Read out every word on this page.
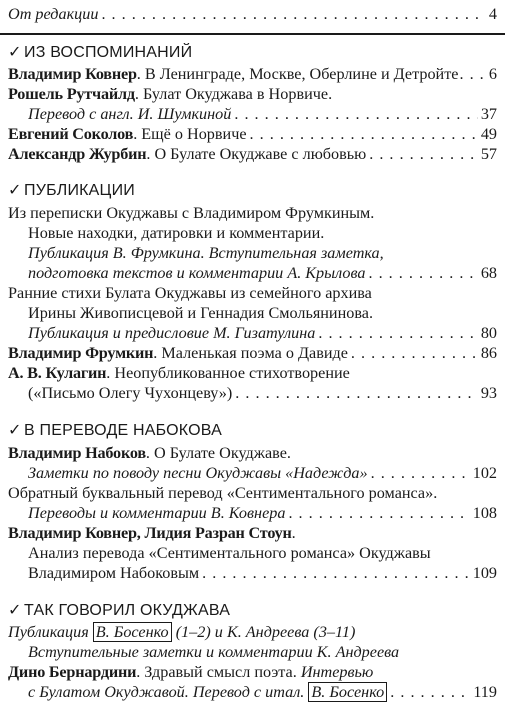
От редакции . . .	4
✓ ИЗ ВОСПОМИНАНИЙ
Владимир Ковнер. В Ленинграде, Москве, Оберлине и Детройте . . . 6
Рошель Рутчайлд. Булат Окуджава в Норвиче.
Перевод с англ. И. Шумкиной . . .	37
Евгений Соколов. Ещё о Норвиче . . .	49
Александр Журбин. О Булате Окуджаве с любовью . . .	57
✓ ПУБЛИКАЦИИ
Из переписки Окуджавы с Владимиром Фрумкиным.
Новые находки, датировки и комментарии.
Публикация В. Фрумкина. Вступительная заметка,
подготовка текстов и комментарии А. Крылова . . .	68
Ранние стихи Булата Окуджавы из семейного архива
Ирины Живописцевой и Геннадия Смольянинова.
Публикация и предисловие М. Гизатулина . . .	80
Владимир Фрумкин. Маленькая поэма о Давиде . . .	86
А. В. Кулагин. Неопубликованное стихотворение
(«Письмо Олегу Чухонцеву») . . .	93
✓ В ПЕРЕВОДЕ НАБОКОВА
Владимир Набоков. О Булате Окуджаве.
Заметки по поводу песни Окуджавы «Надежда» . . .	102
Обратный буквальный перевод «Сентиментального романса».
Переводы и комментарии В. Ковнера . . .	108
Владимир Ковнер, Лидия Разран Стоун.
Анализ перевода «Сентиментального романса» Окуджавы
Владимиром Набоковым . . .	109
✓ ТАК ГОВОРИЛ ОКУДЖАВА
Публикация В. Босенко (1–2) и К. Андреева (3–11)
Вступительные заметки и комментарии К. Андреева
Дино Бернардини. Здравый смысл поэта. Интервью
с Булатом Окуджавой. Перевод с итал. В. Босенко . . .	119
